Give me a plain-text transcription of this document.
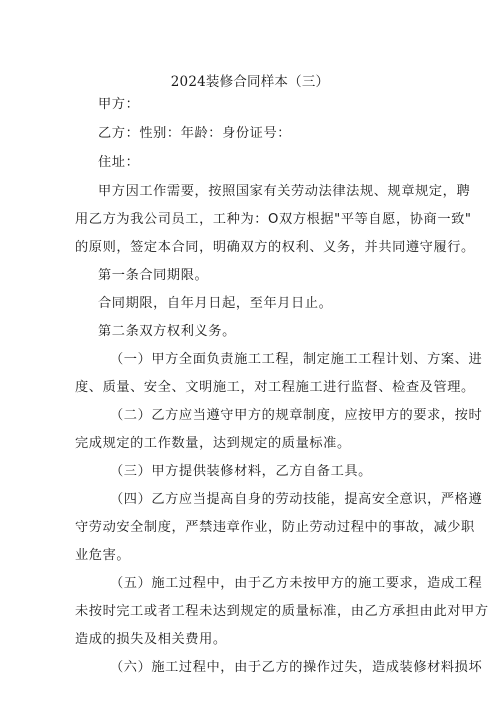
2024装修合同样本（三）
甲方：
乙方：性别：年龄：身份证号：
住址：
甲方因工作需要，按照国家有关劳动法律法规、规章规定，聘
用乙方为我公司员工，工种为：O双方根据"平等自愿，协商一致"
的原则，签定本合同，明确双方的权利、义务，并共同遵守履行。
第一条合同期限。
合同期限，自年月日起，至年月日止。
第二条双方权利义务。
（一）甲方全面负责施工工程，制定施工工程计划、方案、进
度、质量、安全、文明施工，对工程施工进行监督、检查及管理。
（二）乙方应当遵守甲方的规章制度，应按甲方的要求，按时
完成规定的工作数量，达到规定的质量标准。
（三）甲方提供装修材料，乙方自备工具。
（四）乙方应当提高自身的劳动技能，提高安全意识，严格遵
守劳动安全制度，严禁违章作业，防止劳动过程中的事故，减少职
业危害。
（五）施工过程中，由于乙方未按甲方的施工要求，造成工程
未按时完工或者工程未达到规定的质量标准，由乙方承担由此对甲方
造成的损失及相关费用。
（六）施工过程中，由于乙方的操作过失，造成装修材料损坏
